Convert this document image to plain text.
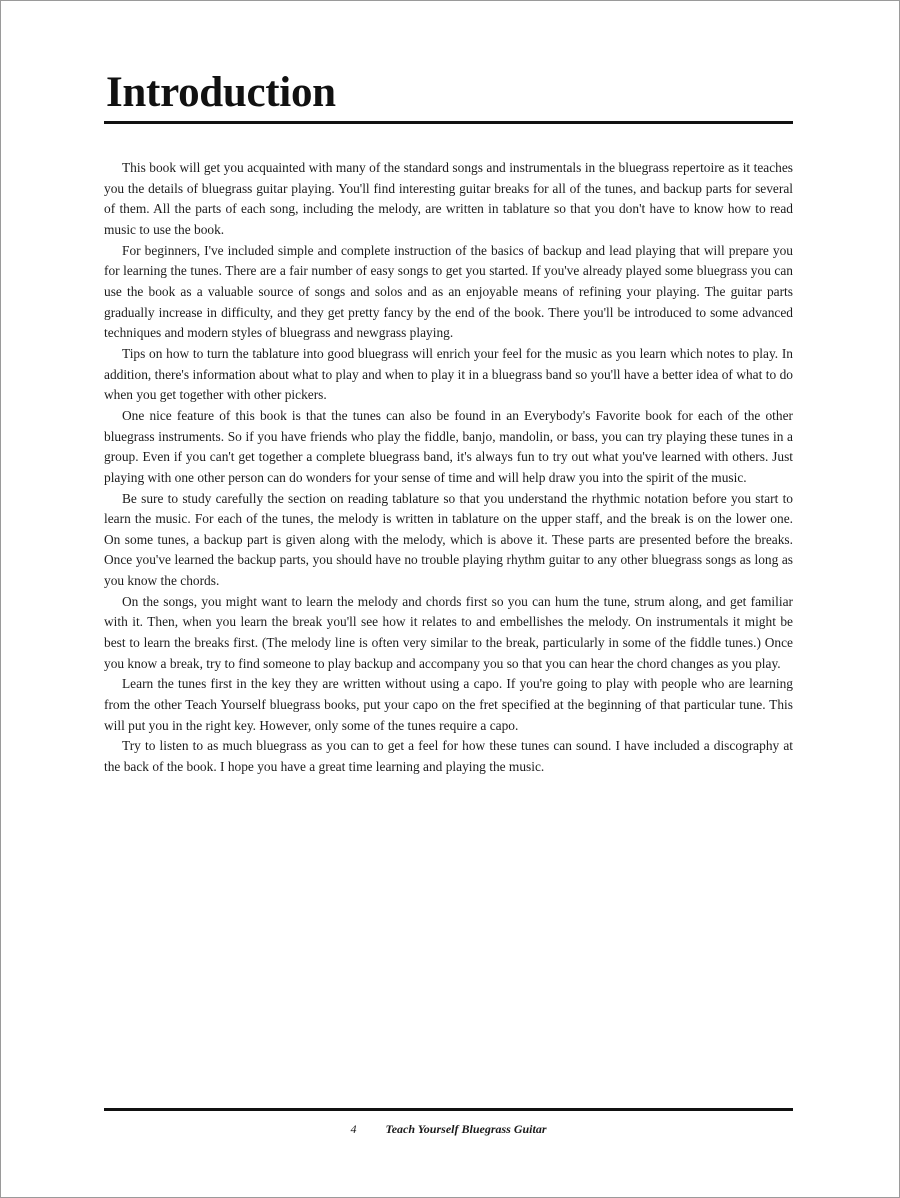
Introduction

This book will get you acquainted with many of the standard songs and instrumentals in the bluegrass repertoire as it teaches you the details of bluegrass guitar playing. You'll find interesting guitar breaks for all of the tunes, and backup parts for several of them. All the parts of each song, including the melody, are written in tablature so that you don't have to know how to read music to use the book.

For beginners, I've included simple and complete instruction of the basics of backup and lead playing that will prepare you for learning the tunes. There are a fair number of easy songs to get you started. If you've already played some bluegrass you can use the book as a valuable source of songs and solos and as an enjoyable means of refining your playing. The guitar parts gradually increase in difficulty, and they get pretty fancy by the end of the book. There you'll be introduced to some advanced techniques and modern styles of bluegrass and newgrass playing.

Tips on how to turn the tablature into good bluegrass will enrich your feel for the music as you learn which notes to play. In addition, there's information about what to play and when to play it in a bluegrass band so you'll have a better idea of what to do when you get together with other pickers.

One nice feature of this book is that the tunes can also be found in an Everybody's Favorite book for each of the other bluegrass instruments. So if you have friends who play the fiddle, banjo, mandolin, or bass, you can try playing these tunes in a group. Even if you can't get together a complete bluegrass band, it's always fun to try out what you've learned with others. Just playing with one other person can do wonders for your sense of time and will help draw you into the spirit of the music.

Be sure to study carefully the section on reading tablature so that you understand the rhythmic notation before you start to learn the music. For each of the tunes, the melody is written in tablature on the upper staff, and the break is on the lower one. On some tunes, a backup part is given along with the melody, which is above it. These parts are presented before the breaks. Once you've learned the backup parts, you should have no trouble playing rhythm guitar to any other bluegrass songs as long as you know the chords.

On the songs, you might want to learn the melody and chords first so you can hum the tune, strum along, and get familiar with it. Then, when you learn the break you'll see how it relates to and embellishes the melody. On instrumentals it might be best to learn the breaks first. (The melody line is often very similar to the break, particularly in some of the fiddle tunes.) Once you know a break, try to find someone to play backup and accompany you so that you can hear the chord changes as you play.

Learn the tunes first in the key they are written without using a capo. If you're going to play with people who are learning from the other Teach Yourself bluegrass books, put your capo on the fret specified at the beginning of that particular tune. This will put you in the right key. However, only some of the tunes require a capo.

Try to listen to as much bluegrass as you can to get a feel for how these tunes can sound. I have included a discography at the back of the book. I hope you have a great time learning and playing the music.

4 Teach Yourself Bluegrass Guitar
